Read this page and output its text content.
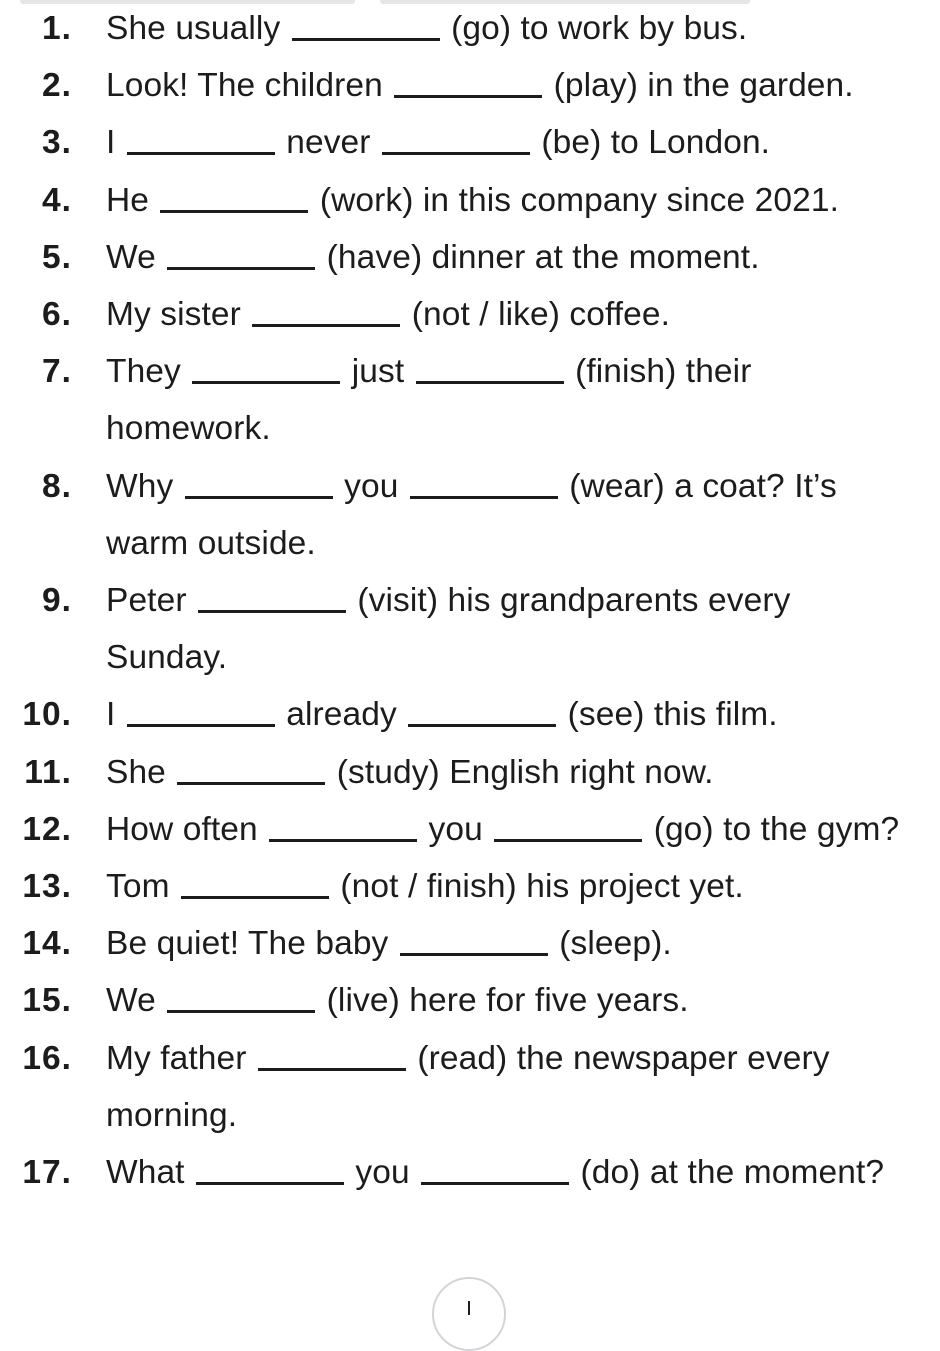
1. She usually	(go) to work by bus.
2. Look! The children	(play) in the garden.
3. I	never	(be) to London.
4. He	(work) in this company since 2021.
5. We	(have) dinner at the moment.
6. My sister	(not / like) coffee.
7. They	just	(finish) their homework.
8. Why	you	(wear) a coat? It’s warm outside.
9. Peter	(visit) his grandparents every Sunday.
10. I	already	(see) this film.
11. She	(study) English right now.
12. How often	you	(go) to the gym?
13. Tom	(not / finish) his project yet.
14. Be quiet! The baby	(sleep).
15. We	(live) here for five years.
16. My father	(read) the newspaper every morning.
17. What	you	(do) at the moment?
